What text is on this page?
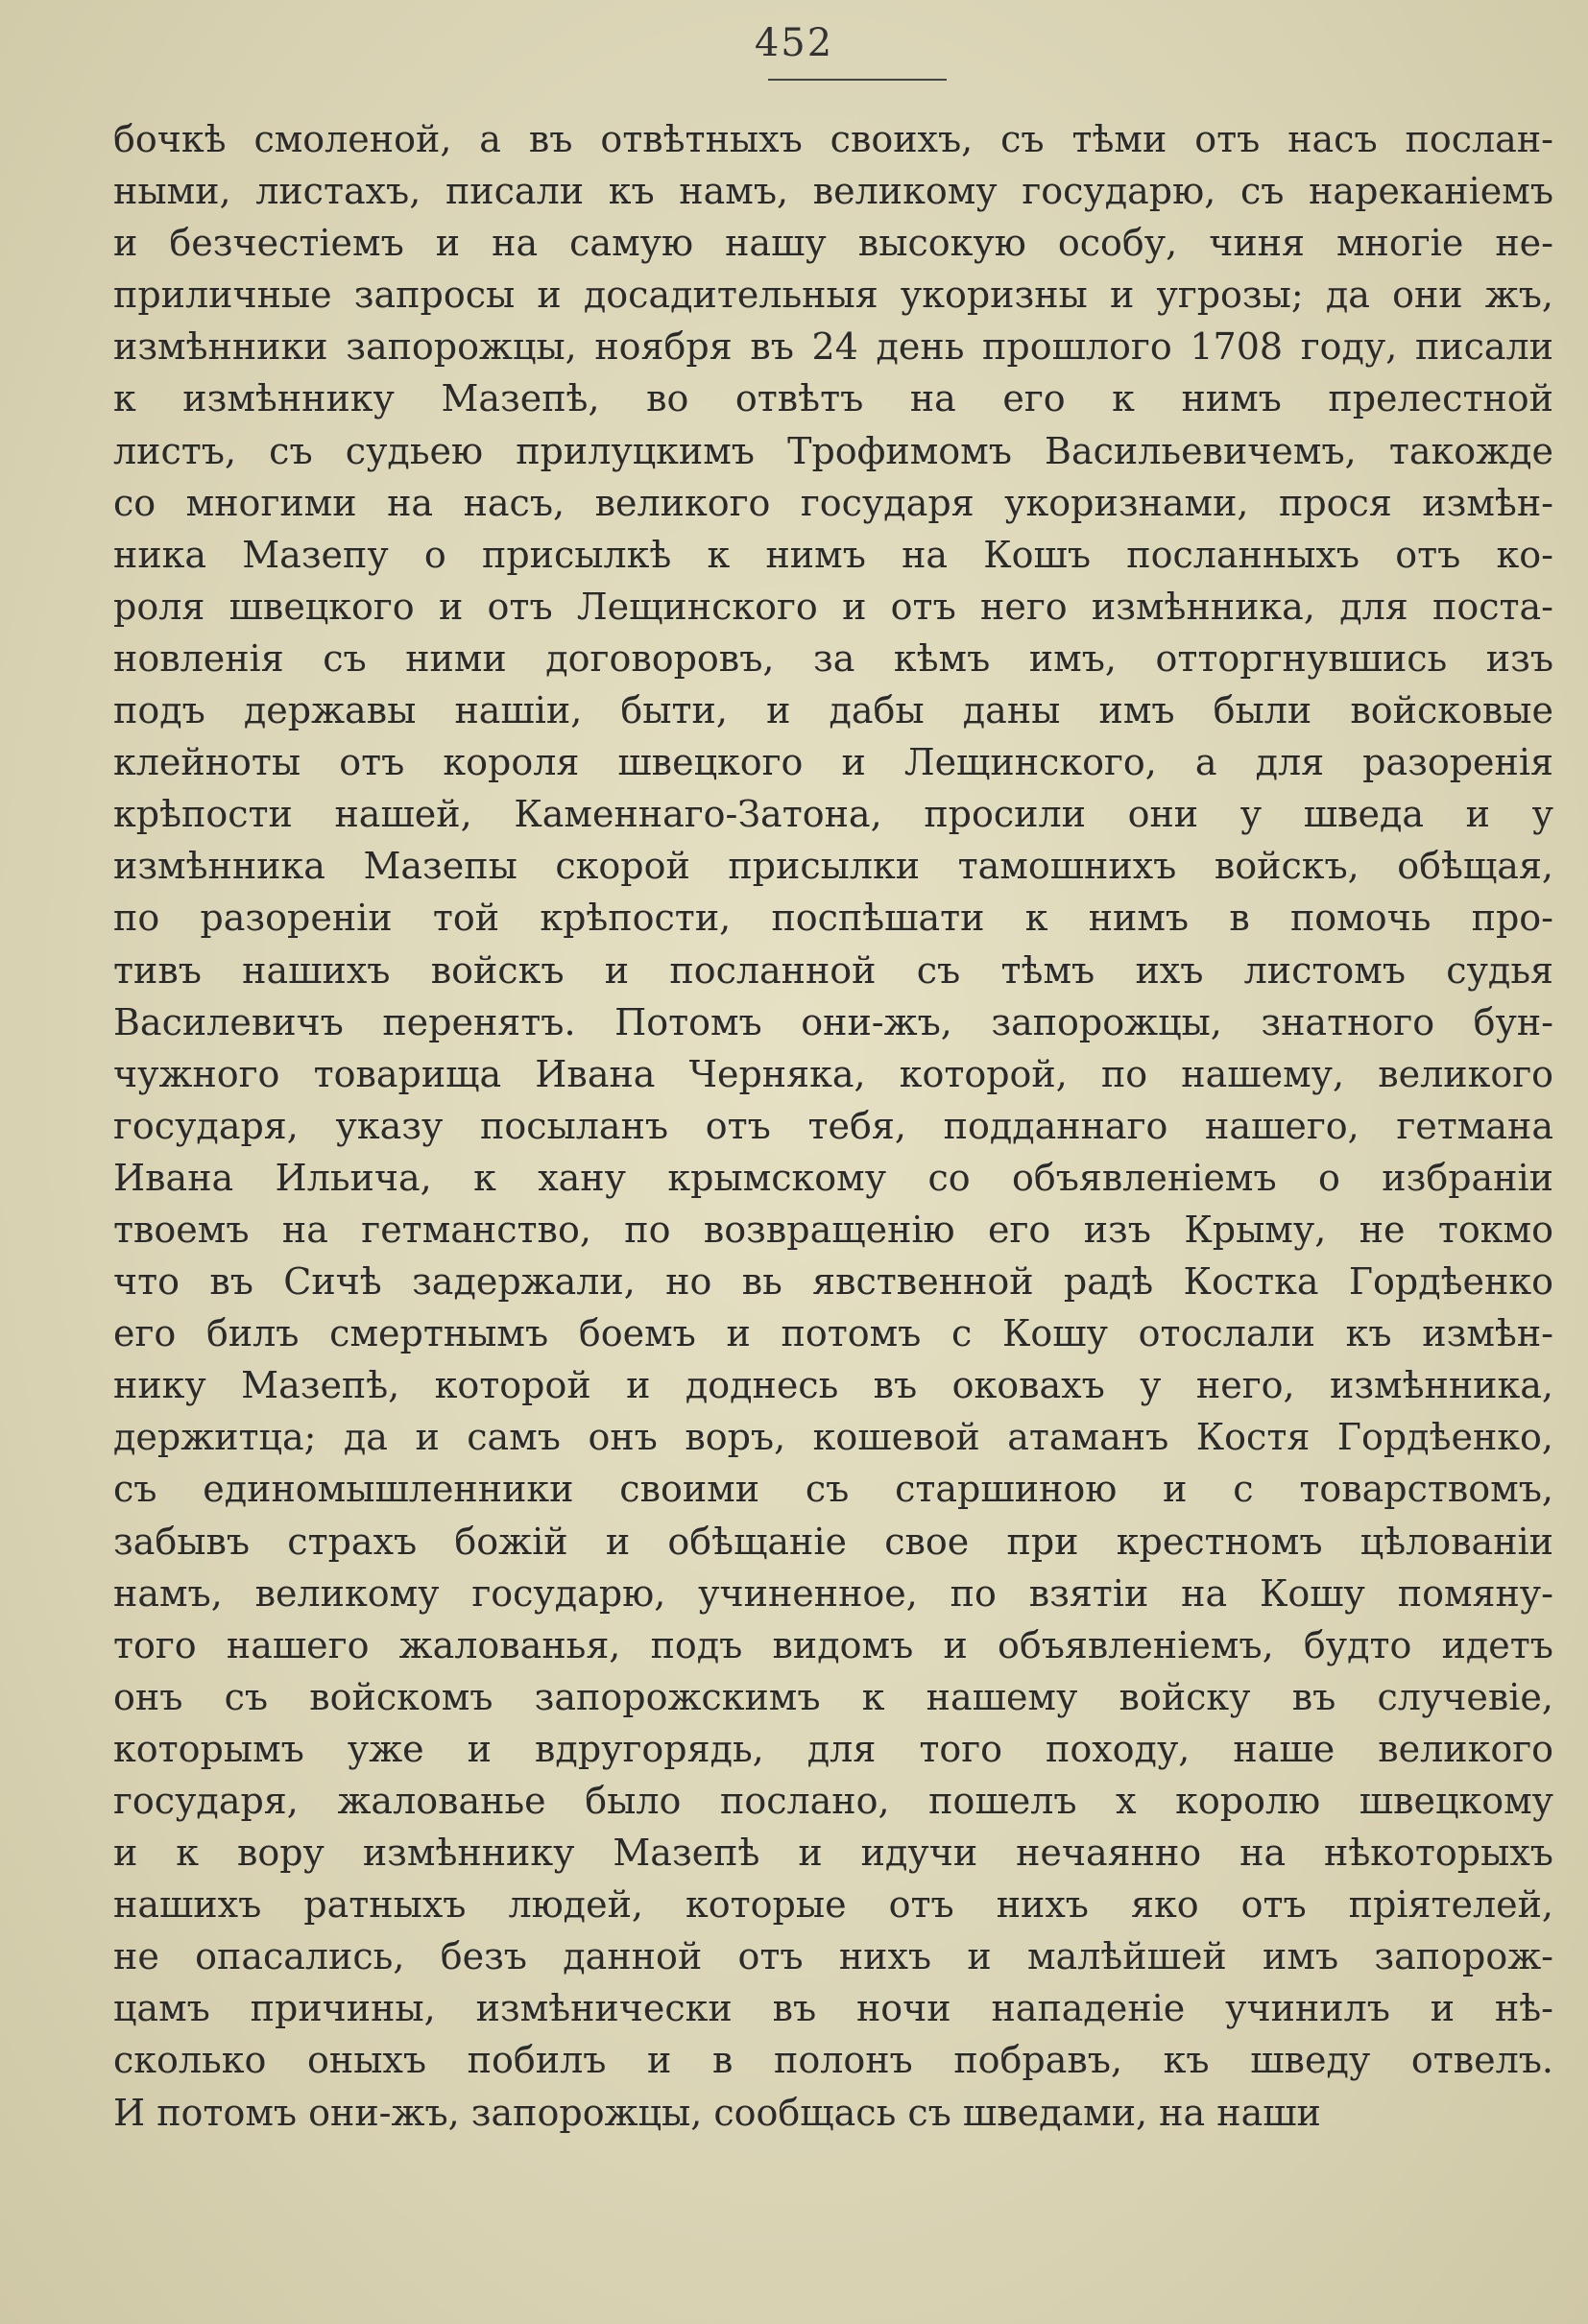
452
бочкѣ смоленой, а въ отвѣтныхъ своихъ, съ тѣми отъ насъ послан-
ными, листахъ, писали къ намъ, великому государю, съ нареканіемъ
и безчестіемъ и на самую нашу высокую особу, чиня многіе не-
приличные запросы и досадительныя укоризны и угрозы; да они жъ,
измѣнники запорожцы, ноября въ 24 день прошлого 1708 году, писали
к измѣннику Мазепѣ, во отвѣтъ на его к нимъ прелестной
листъ, съ судьею прилуцкимъ Трофимомъ Васильевичемъ, такожде
со многими на насъ, великого государя укоризнами, прося измѣн-
ника Мазепу о присылкѣ к нимъ на Кошъ посланныхъ отъ ко-
роля швецкого и отъ Лещинского и отъ него измѣнника, для поста-
новленія съ ними договоровъ, за кѣмъ имъ, отторгнувшись изъ
подъ державы нашіи, быти, и дабы даны имъ были войсковые
клейноты отъ короля швецкого и Лещинского, а для разоренія
крѣпости нашей, Каменнаго-Затона, просили они у шведа и у
измѣнника Мазепы скорой присылки тамошнихъ войскъ, обѣщая,
по разореніи той крѣпости, поспѣшати к нимъ в помочь про-
тивъ нашихъ войскъ и посланной съ тѣмъ ихъ листомъ судья
Василевичъ перенятъ. Потомъ они-жъ, запорожцы, знатного бун-
чужного товарища Ивана Черняка, которой, по нашему, великого
государя, указу посыланъ отъ тебя, подданнаго нашего, гетмана
Ивана Ильича, к хану крымскому со объявленіемъ о избраніи
твоемъ на гетманство, по возвращенію его изъ Крыму, не токмо
что въ Сичѣ задержали, но вь явственной радѣ Костка Гордѣенко
его билъ смертнымъ боемъ и потомъ с Кошу отослали къ измѣн-
нику Мазепѣ, которой и доднесь въ оковахъ у него, измѣнника,
держитца; да и самъ онъ воръ, кошевой атаманъ Костя Гордѣенко,
съ единомышленники своими съ старшиною и с товарствомъ,
забывъ страхъ божій и обѣщаніе свое при крестномъ цѣлованіи
намъ, великому государю, учиненное, по взятіи на Кошу помяну-
того нашего жалованья, подъ видомъ и объявленіемъ, будто идетъ
онъ съ войскомъ запорожскимъ к нашему войску въ случевіе,
которымъ уже и вдругорядь, для того походу, наше великого
государя, жалованье было послано, пошелъ х королю швецкому
и к вору измѣннику Мазепѣ и идучи нечаянно на нѣкоторыхъ
нашихъ ратныхъ людей, которые отъ нихъ яко отъ пріятелей,
не опасались, безъ данной отъ нихъ и малѣйшей имъ запорож-
цамъ причины, измѣнически въ ночи нападеніе учинилъ и нѣ-
сколько оныхъ побилъ и в полонъ побравъ, къ шведу отвелъ.
И потомъ они-жъ, запорожцы, сообщась съ шведами, на наши
